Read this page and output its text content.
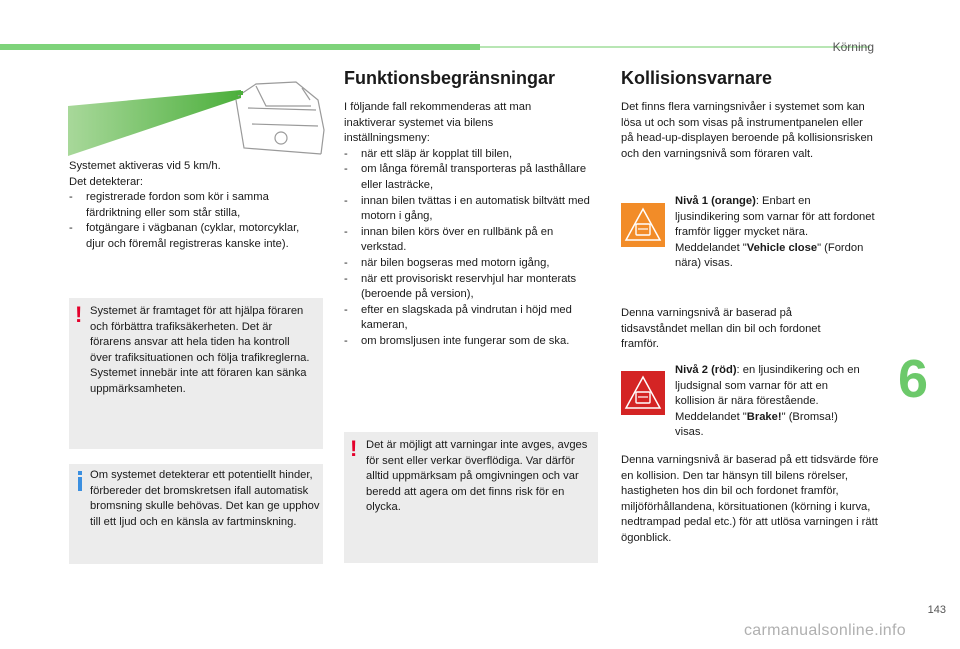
Körning
6
143
carmanualsonline.info

Systemet aktiveras vid 5 km/h.

Det detekterar:

- registrerade fordon som kör i samma färdriktning eller som står stilla,
- fotgängare i vägbanan (cyklar, motorcyklar, djur och föremål registreras kanske inte).
! Systemet är framtaget för att hjälpa föraren och förbättra trafiksäkerheten. Det är förarens ansvar att hela tiden ha kontroll över trafiksituationen och följa trafikreglerna. Systemet innebär inte att föraren kan sänka uppmärksamheten.
Om systemet detekterar ett potentiellt hinder, förbereder det bromskretsen ifall automatisk bromsning skulle behövas. Det kan ge upphov till ett ljud och en känsla av fartminskning.
Funktionsbegränsningar

I följande fall rekommenderas att man inaktiverar systemet via bilens inställningsmeny:

- när ett släp är kopplat till bilen,
- om långa föremål transporteras på lasthållare eller lasträcke,
- innan bilen tvättas i en automatisk biltvätt med motorn i gång,
- innan bilen körs över en rullbänk på en verkstad.
- när bilen bogseras med motorn igång,
- när ett provisoriskt reservhjul har monterats (beroende på version),
- efter en slagskada på vindrutan i höjd med kameran,
- om bromsljusen inte fungerar som de ska.
! Det är möjligt att varningar inte avges, avges för sent eller verkar överflödiga. Var därför alltid uppmärksam på omgivningen och var beredd att agera om det finns risk för en olycka.
Kollisionsvarnare

Det finns flera varningsnivåer i systemet som kan lösa ut och som visas på instrumentpanelen eller på head-up-displayen beroende på kollisionsrisken och den varningsnivå som föraren valt.

Nivå 1 (orange): Enbart en ljusindikering som varnar för att fordonet framför ligger mycket nära. Meddelandet "Vehicle close" (Fordon nära) visas.

Denna varningsnivå är baserad på tidsavståndet mellan din bil och fordonet framför.

Nivå 2 (röd): en ljusindikering och en ljudsignal som varnar för att en kollision är nära förestående. Meddelandet "Brake!" (Bromsa!) visas.

Denna varningsnivå är baserad på ett tidsvärde före en kollision. Den tar hänsyn till bilens rörelser, hastigheten hos din bil och fordonet framför, miljöförhållandena, körsituationen (körning i kurva, nedtrampad pedal etc.) för att utlösa varningen i rätt ögonblick.
